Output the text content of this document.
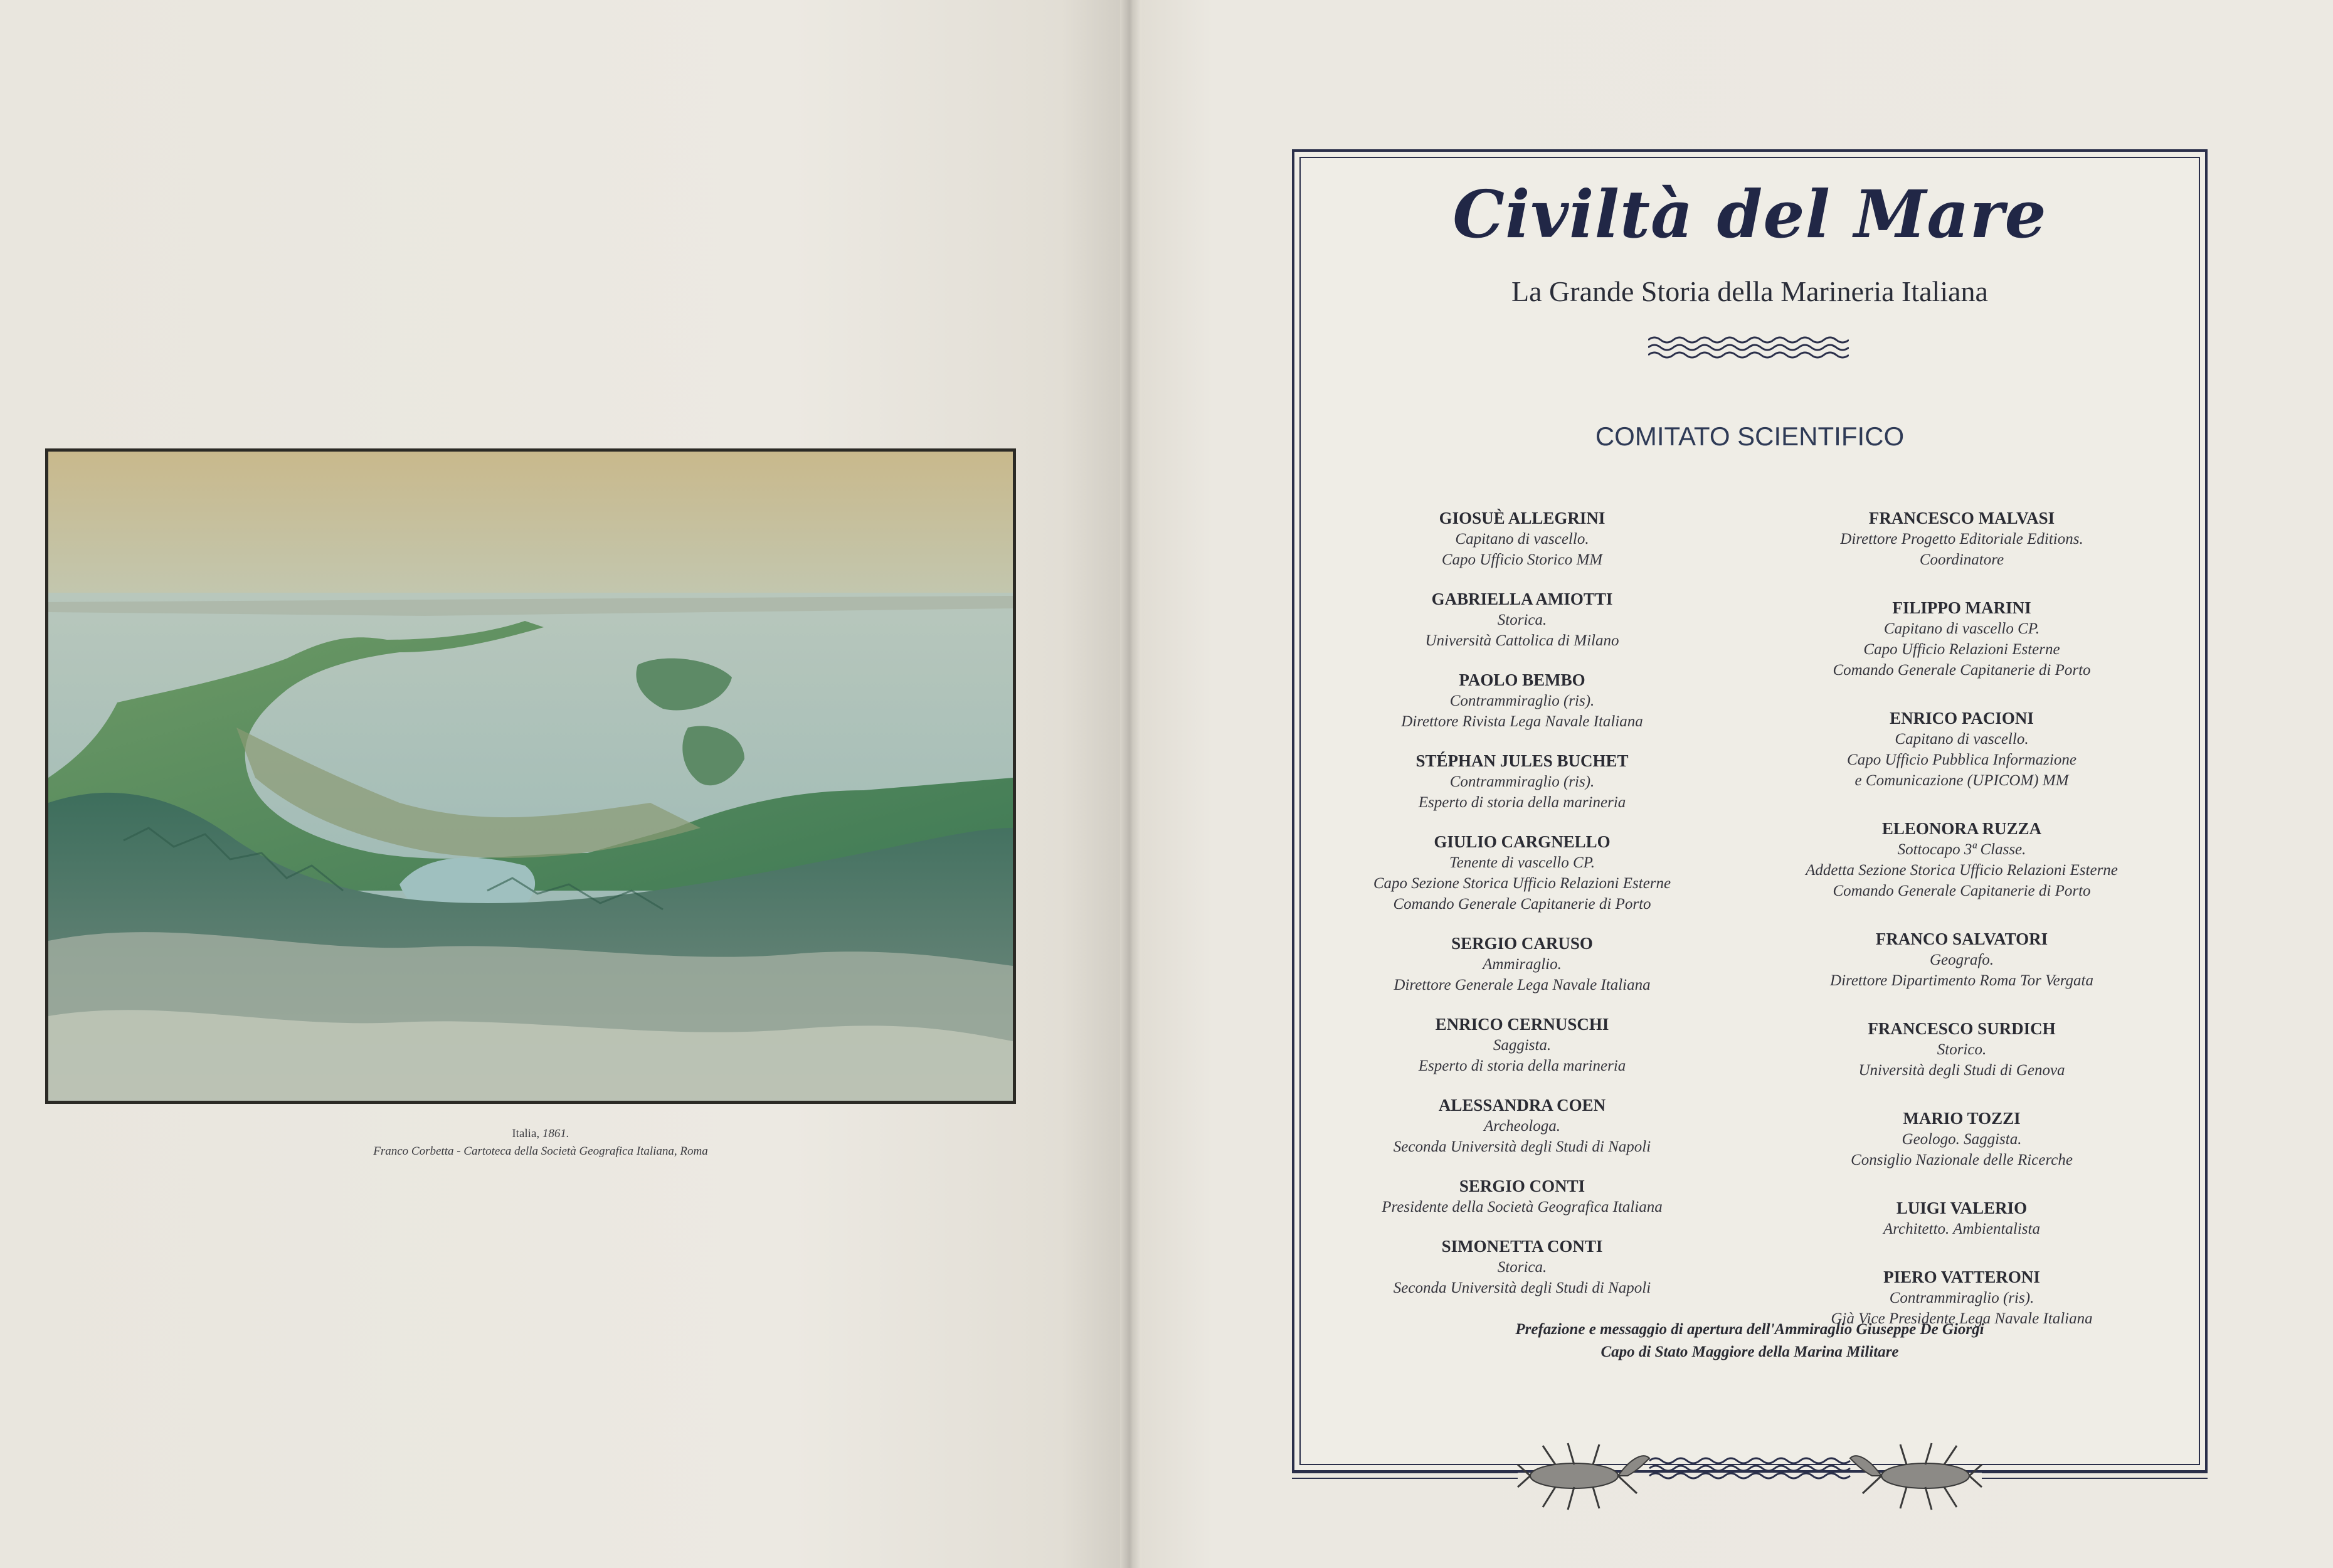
Italia, 1861.
Franco Corbetta - Cartoteca della Società Geografica Italiana, Roma
Civiltà del Mare
La Grande Storia della Marineria Italiana
COMITATO SCIENTIFICO
GIOSUÈ ALLEGRINI
Capitano di vascello.
Capo Ufficio Storico MM
GABRIELLA AMIOTTI
Storica.
Università Cattolica di Milano
PAOLO BEMBO
Contrammiraglio (ris).
Direttore Rivista Lega Navale Italiana
STÉPHAN JULES BUCHET
Contrammiraglio (ris).
Esperto di storia della marineria
GIULIO CARGNELLO
Tenente di vascello CP.
Capo Sezione Storica Ufficio Relazioni Esterne
Comando Generale Capitanerie di Porto
SERGIO CARUSO
Ammiraglio.
Direttore Generale Lega Navale Italiana
ENRICO CERNUSCHI
Saggista.
Esperto di storia della marineria
ALESSANDRA COEN
Archeologa.
Seconda Università degli Studi di Napoli
SERGIO CONTI
Presidente della Società Geografica Italiana
SIMONETTA CONTI
Storica.
Seconda Università degli Studi di Napoli
FRANCESCO MALVASI
Direttore Progetto Editoriale Editions.
Coordinatore
FILIPPO MARINI
Capitano di vascello CP.
Capo Ufficio Relazioni Esterne
Comando Generale Capitanerie di Porto
ENRICO PACIONI
Capitano di vascello.
Capo Ufficio Pubblica Informazione
e Comunicazione (UPICOM) MM
ELEONORA RUZZA
Sottocapo 3ª Classe.
Addetta Sezione Storica Ufficio Relazioni Esterne
Comando Generale Capitanerie di Porto
FRANCO SALVATORI
Geografo.
Direttore Dipartimento Roma Tor Vergata
FRANCESCO SURDICH
Storico.
Università degli Studi di Genova
MARIO TOZZI
Geologo. Saggista.
Consiglio Nazionale delle Ricerche
LUIGI VALERIO
Architetto. Ambientalista
PIERO VATTERONI
Contrammiraglio (ris).
Già Vice Presidente Lega Navale Italiana
Prefazione e messaggio di apertura dell'Ammiraglio Giuseppe De Giorgi
Capo di Stato Maggiore della Marina Militare
